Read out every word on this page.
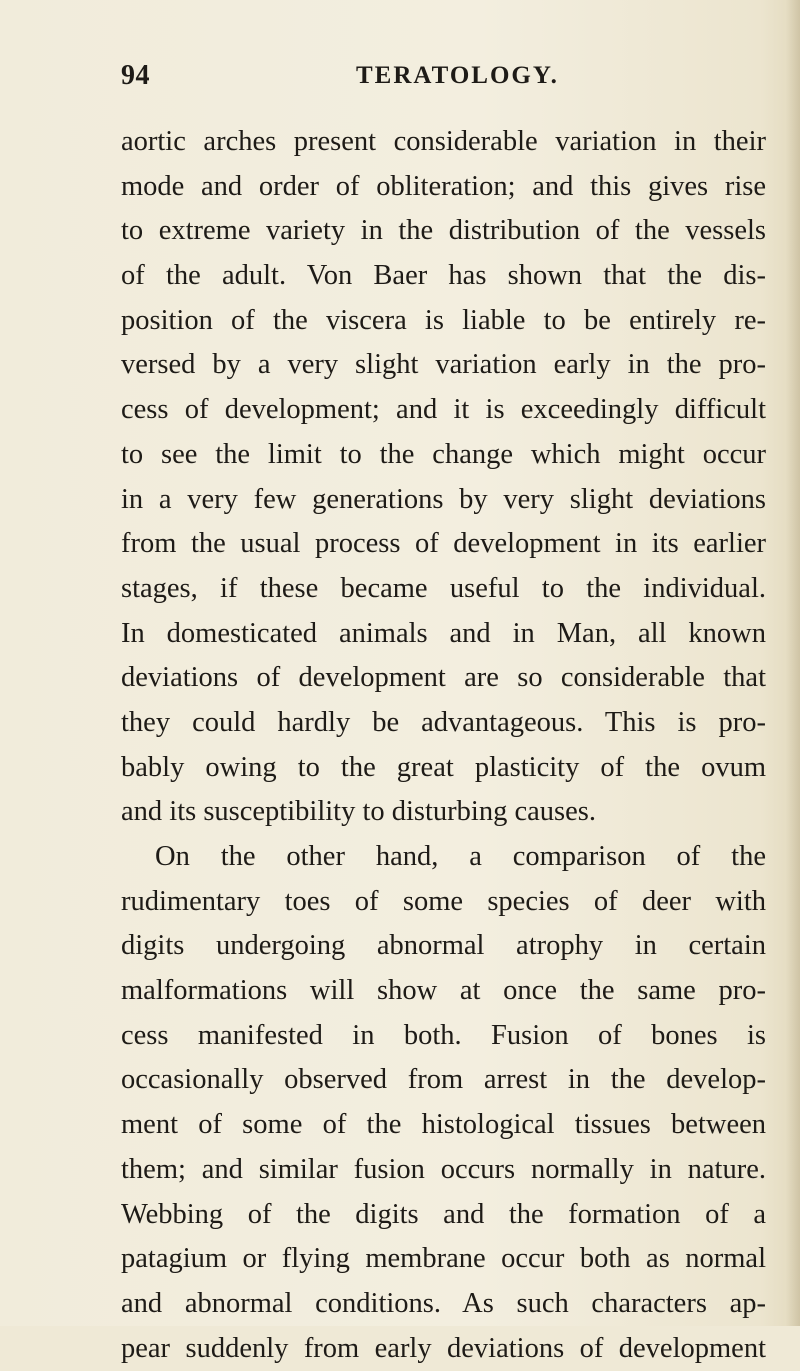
94	TERATOLOGY.
aortic arches present considerable variation in their
mode and order of obliteration; and this gives rise
to extreme variety in the distribution of the vessels
of the adult. Von Baer has shown that the dis-
position of the viscera is liable to be entirely re-
versed by a very slight variation early in the pro-
cess of development; and it is exceedingly difficult
to see the limit to the change which might occur
in a very few generations by very slight deviations
from the usual process of development in its earlier
stages, if these became useful to the individual.
In domesticated animals and in Man, all known
deviations of development are so considerable that
they could hardly be advantageous. This is pro-
bably owing to the great plasticity of the ovum
and its susceptibility to disturbing causes.
On the other hand, a comparison of the
rudimentary toes of some species of deer with
digits undergoing abnormal atrophy in certain
malformations will show at once the same pro-
cess manifested in both. Fusion of bones is
occasionally observed from arrest in the develop-
ment of some of the histological tissues between
them; and similar fusion occurs normally in nature.
Webbing of the digits and the formation of a
patagium or flying membrane occur both as normal
and abnormal conditions. As such characters ap-
pear suddenly from early deviations of development
